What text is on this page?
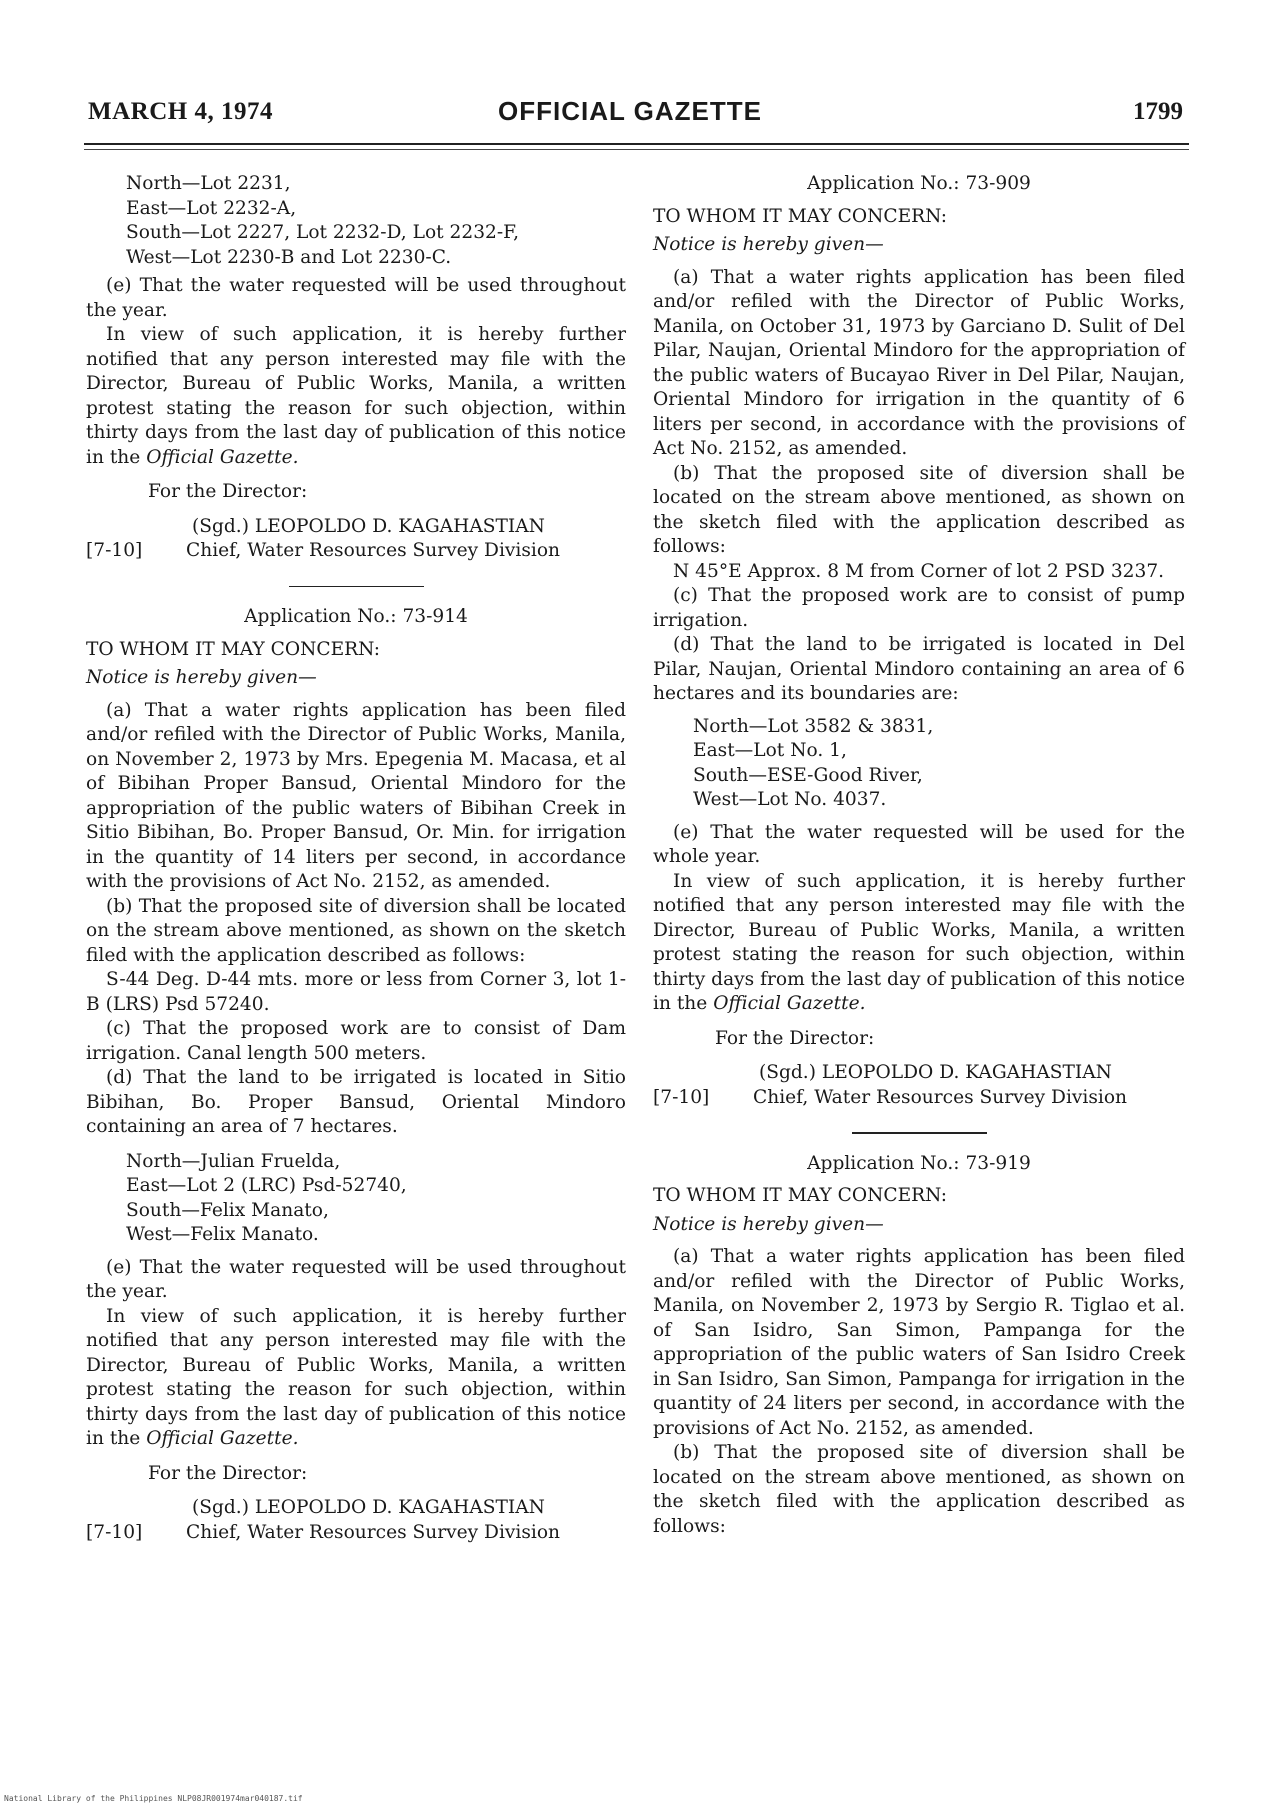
MARCH 4, 1974	OFFICIAL GAZETTE	1799

North—Lot 2231,

East—Lot 2232-A,

South—Lot 2227, Lot 2232-D, Lot 2232-F,

West—Lot 2230-B and Lot 2230-C.

(e) That the water requested will be used throughout the year.

In view of such application, it is hereby further notified that any person interested may file with the Director, Bureau of Public Works, Manila, a written protest stating the reason for such objection, within thirty days from the last day of publication of this notice in the Official Gazette.

For the Director:

(Sgd.) LEOPOLDO D. KAGAHASTIAN

[7-10]	Chief, Water Resources Survey Division

Application No.: 73-914

TO WHOM IT MAY CONCERN:

Notice is hereby given—

(a) That a water rights application has been filed and/or refiled with the Director of Public Works, Manila, on November 2, 1973 by Mrs. Epegenia M. Macasa, et al of Bibihan Proper Bansud, Oriental Mindoro for the appropriation of the public waters of Bibihan Creek in Sitio Bibihan, Bo. Proper Bansud, Or. Min. for irrigation in the quantity of 14 liters per second, in accordance with the provisions of Act No. 2152, as amended.

(b) That the proposed site of diversion shall be located on the stream above mentioned, as shown on the sketch filed with the application described as follows:

S-44 Deg. D-44 mts. more or less from Corner 3, lot 1-B (LRS) Psd 57240.

(c) That the proposed work are to consist of Dam irrigation. Canal length 500 meters.

(d) That the land to be irrigated is located in Sitio Bibihan, Bo. Proper Bansud, Oriental Mindoro containing an area of 7 hectares.

North—Julian Fruelda,

East—Lot 2 (LRC) Psd-52740,

South—Felix Manato,

West—Felix Manato.

(e) That the water requested will be used throughout the year.

In view of such application, it is hereby further notified that any person interested may file with the Director, Bureau of Public Works, Manila, a written protest stating the reason for such objection, within thirty days from the last day of publication of this notice in the Official Gazette.

For the Director:

(Sgd.) LEOPOLDO D. KAGAHASTIAN

[7-10]	Chief, Water Resources Survey Division

Application No.: 73-909

TO WHOM IT MAY CONCERN:

Notice is hereby given—

(a) That a water rights application has been filed and/or refiled with the Director of Public Works, Manila, on October 31, 1973 by Garciano D. Sulit of Del Pilar, Naujan, Oriental Mindoro for the appropriation of the public waters of Bucayao River in Del Pilar, Naujan, Oriental Mindoro for irrigation in the quantity of 6 liters per second, in accordance with the provisions of Act No. 2152, as amended.

(b) That the proposed site of diversion shall be located on the stream above mentioned, as shown on the sketch filed with the application described as follows:

N 45°E Approx. 8 M from Corner of lot 2 PSD 3237.

(c) That the proposed work are to consist of pump irrigation.

(d) That the land to be irrigated is located in Del Pilar, Naujan, Oriental Mindoro containing an area of 6 hectares and its boundaries are:

North—Lot 3582 & 3831,

East—Lot No. 1,

South—ESE-Good River,

West—Lot No. 4037.

(e) That the water requested will be used for the whole year.

In view of such application, it is hereby further notified that any person interested may file with the Director, Bureau of Public Works, Manila, a written protest stating the reason for such objection, within thirty days from the last day of publication of this notice in the Official Gazette.

For the Director:

(Sgd.) LEOPOLDO D. KAGAHASTIAN

[7-10]	Chief, Water Resources Survey Division

Application No.: 73-919

TO WHOM IT MAY CONCERN:

Notice is hereby given—

(a) That a water rights application has been filed and/or refiled with the Director of Public Works, Manila, on November 2, 1973 by Sergio R. Tiglao et al. of San Isidro, San Simon, Pampanga for the appropriation of the public waters of San Isidro Creek in San Isidro, San Simon, Pampanga for irrigation in the quantity of 24 liters per second, in accordance with the provisions of Act No. 2152, as amended.

(b) That the proposed site of diversion shall be located on the stream above mentioned, as shown on the sketch filed with the application described as follows:

National Library of the Philippines NLP08JR001974mar040187.tif
